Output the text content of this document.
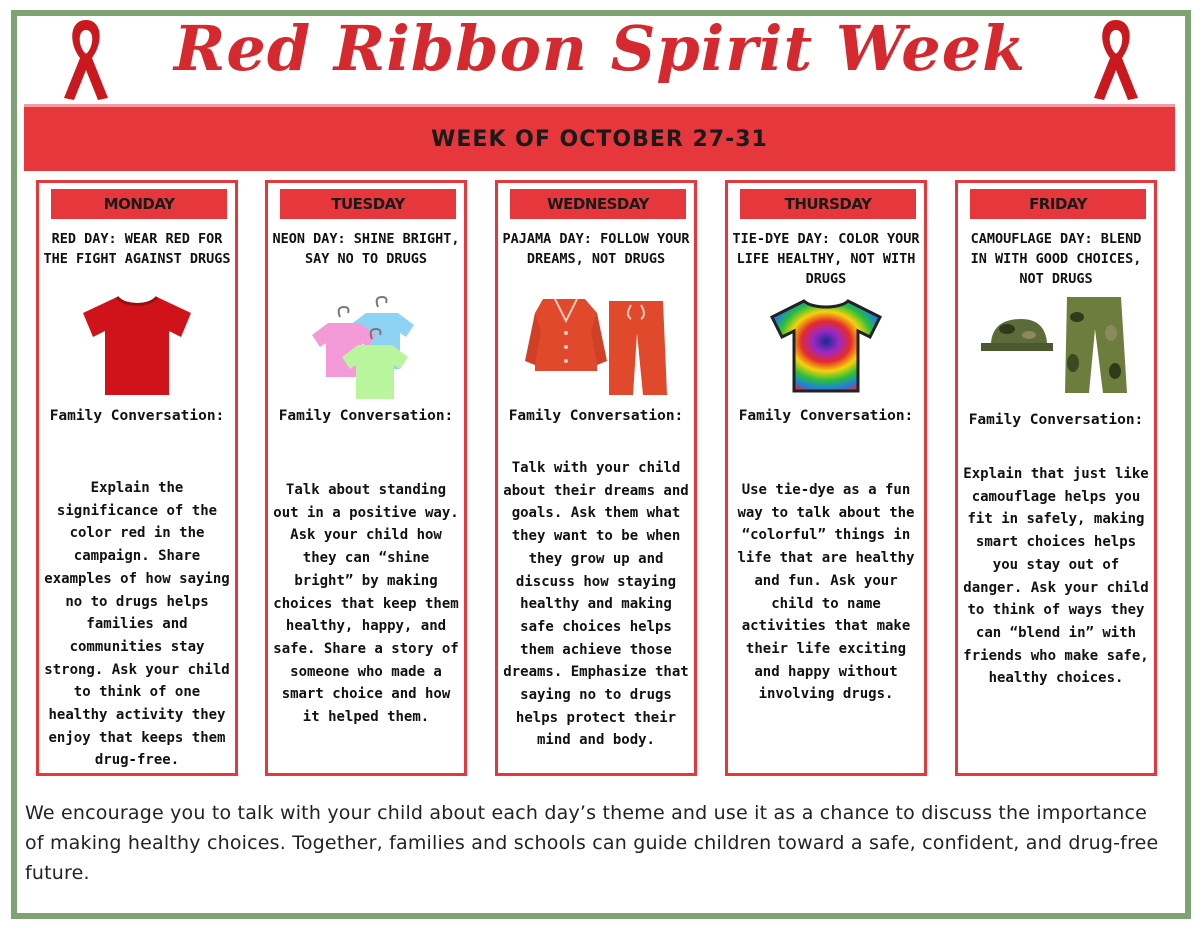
Red Ribbon Spirit Week
WEEK OF OCTOBER 27-31
MONDAY
RED DAY: WEAR RED FOR THE FIGHT AGAINST DRUGS
Family Conversation:
Explain the significance of the color red in the campaign. Share examples of how saying no to drugs helps families and communities stay strong. Ask your child to think of one healthy activity they enjoy that keeps them drug-free.
TUESDAY
NEON DAY: SHINE BRIGHT, SAY NO TO DRUGS
Family Conversation:
Talk about standing out in a positive way. Ask your child how they can “shine bright” by making choices that keep them healthy, happy, and safe. Share a story of someone who made a smart choice and how it helped them.
WEDNESDAY
PAJAMA DAY: FOLLOW YOUR DREAMS, NOT DRUGS
Family Conversation:
Talk with your child about their dreams and goals. Ask them what they want to be when they grow up and discuss how staying healthy and making safe choices helps them achieve those dreams. Emphasize that saying no to drugs helps protect their mind and body.
THURSDAY
TIE-DYE DAY: COLOR YOUR LIFE HEALTHY, NOT WITH DRUGS
Family Conversation:
Use tie-dye as a fun way to talk about the “colorful” things in life that are healthy and fun. Ask your child to name activities that make their life exciting and happy without involving drugs.
FRIDAY
CAMOUFLAGE DAY: BLEND IN WITH GOOD CHOICES, NOT DRUGS
Family Conversation:
Explain that just like camouflage helps you fit in safely, making smart choices helps you stay out of danger. Ask your child to think of ways they can “blend in” with friends who make safe, healthy choices.
We encourage you to talk with your child about each day’s theme and use it as a chance to discuss the importance of making healthy choices. Together, families and schools can guide children toward a safe, confident, and drug-free future.
